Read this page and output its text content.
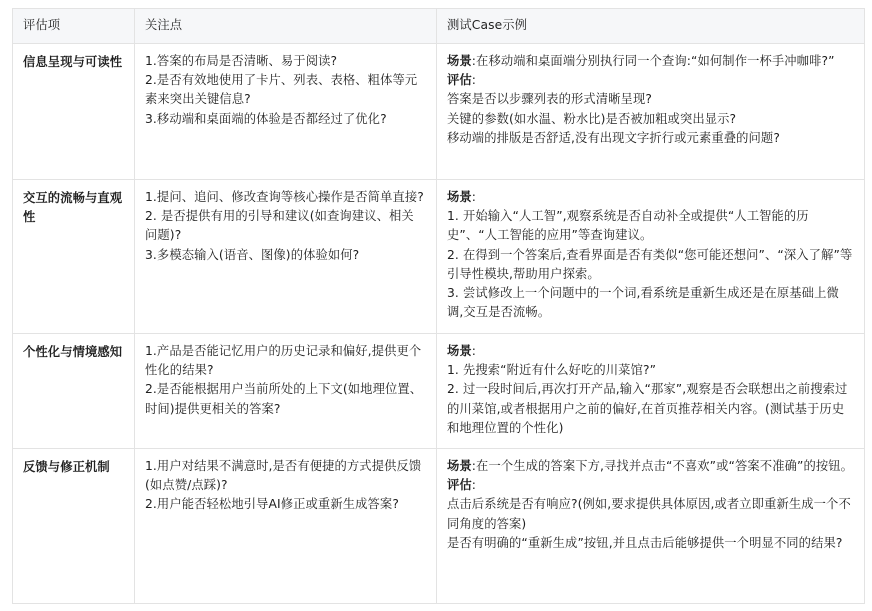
评估项	关注点	测试Case示例
信息呈现与可读性	1.答案的布局是否清晰、易于阅读?
2.是否有效地使用了卡片、列表、表格、粗体等元素来突出关键信息?
3.移动端和桌面端的体验是否都经过了优化?	场景:在移动端和桌面端分别执行同一个查询:“如何制作一杯手冲咖啡?”
评估:
答案是否以步骤列表的形式清晰呈现?
关键的参数(如水温、粉水比)是否被加粗或突出显示?
移动端的排版是否舒适,没有出现文字折行或元素重叠的问题?

交互的流畅与直观性	1.提问、追问、修改查询等核心操作是否简单直接?
2. 是否提供有用的引导和建议(如查询建议、相关问题)?
3.多模态输入(语音、图像)的体验如何?	场景:
1. 开始输入“人工智”,观察系统是否自动补全或提供“人工智能的历史”、“人工智能的应用”等查询建议。
2. 在得到一个答案后,查看界面是否有类似“您可能还想问”、“深入了解”等引导性模块,帮助用户探索。
3. 尝试修改上一个问题中的一个词,看系统是重新生成还是在原基础上微调,交互是否流畅。

个性化与情境感知	1.产品是否能记忆用户的历史记录和偏好,提供更个性化的结果?
2.是否能根据用户当前所处的上下文(如地理位置、时间)提供更相关的答案?	场景:
1. 先搜索“附近有什么好吃的川菜馆?”
2. 过一段时间后,再次打开产品,输入“那家”,观察是否会联想出之前搜索过的川菜馆,或者根据用户之前的偏好,在首页推荐相关内容。(测试基于历史和地理位置的个性化)

反馈与修正机制	1.用户对结果不满意时,是否有便捷的方式提供反馈(如点赞/点踩)?
2.用户能否轻松地引导AI修正或重新生成答案?	场景:在一个生成的答案下方,寻找并点击“不喜欢”或“答案不准确”的按钮。
评估:
点击后系统是否有响应?(例如,要求提供具体原因,或者立即重新生成一个不同角度的答案)
是否有明确的“重新生成”按钮,并且点击后能够提供一个明显不同的结果?
